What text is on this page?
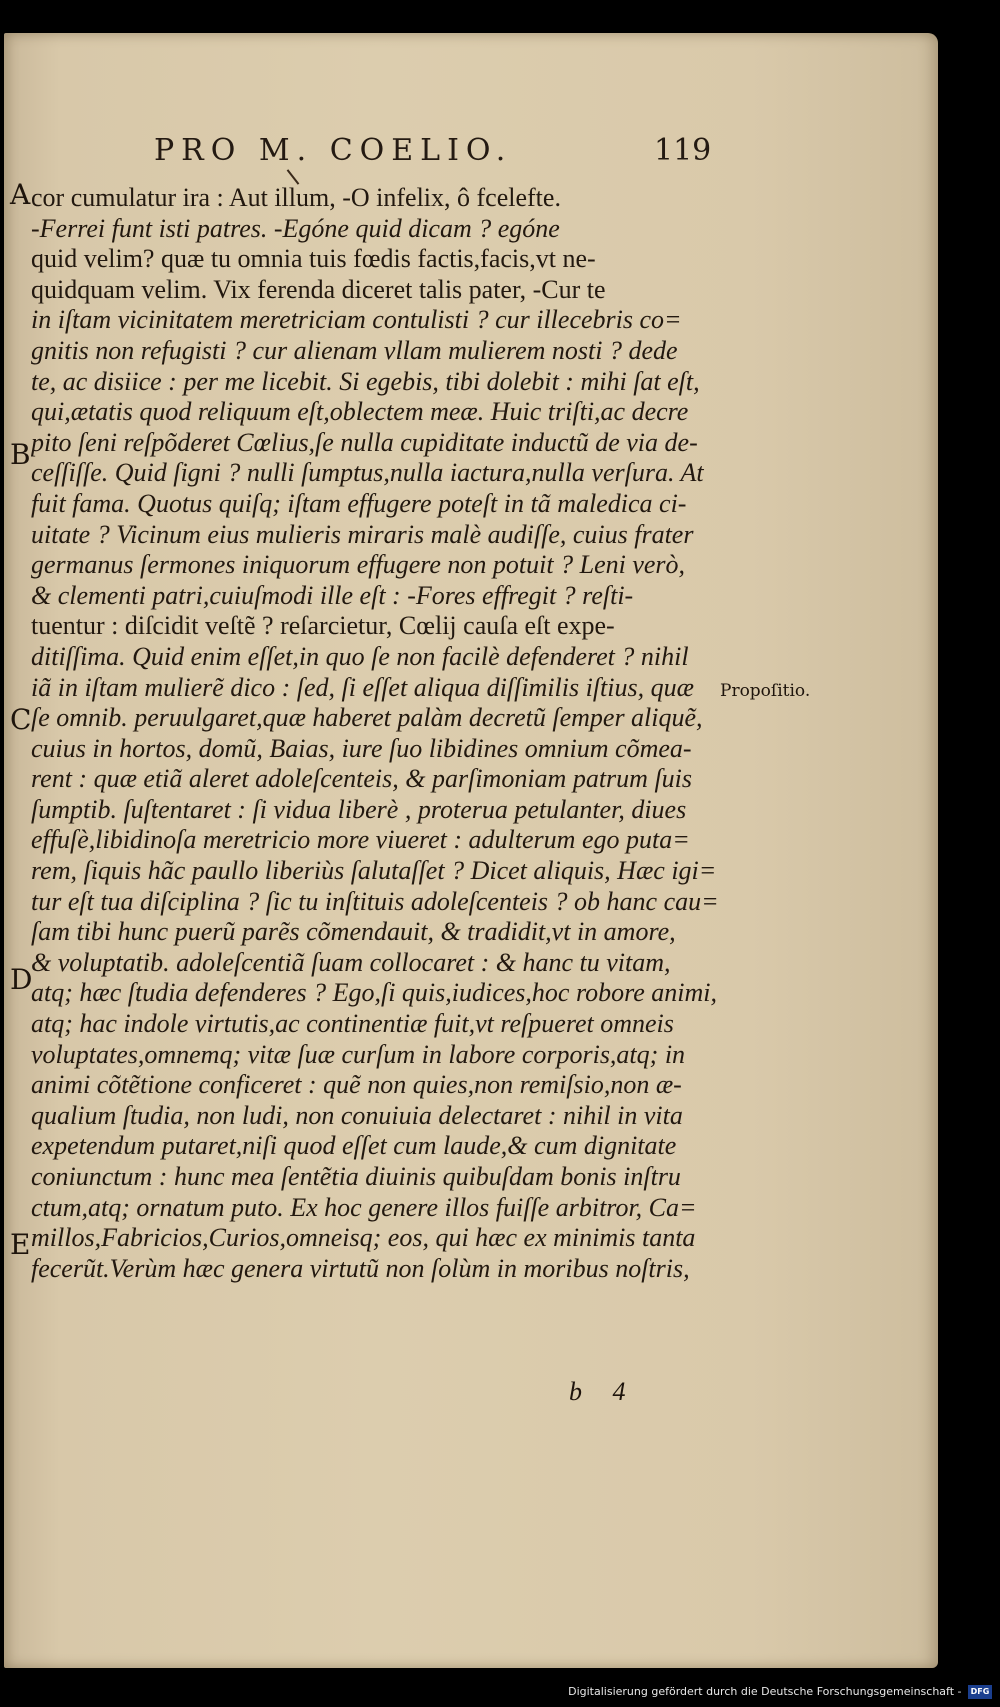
PRO M. COELIO.	119
A
B
C
D
E
cor cumulatur ira : Aut illum, -O infelix, ô fcelefte.
-Ferrei funt isti patres. -Egóne quid dicam ? egóne
quid velim? quæ tu omnia tuis fœdis factis,facis,vt ne-
quidquam velim. Vix ferenda diceret talis pater, -Cur te
in iſtam vicinitatem meretriciam contulisti ? cur illecebris co=
gnitis non refugisti ? cur alienam vllam mulierem nosti ? dede
te, ac disiice : per me licebit. Si egebis, tibi dolebit : mihi ſat eſt,
qui,ætatis quod reliquum eſt,oblectem meæ. Huic triſti,ac decre
pito ſeni reſpõderet Cœlius,ſe nulla cupiditate inductũ de via de-
ceſſiſſe. Quid ſigni ? nulli ſumptus,nulla iactura,nulla verſura. At
fuit fama. Quotus quiſq; iſtam effugere poteſt in tã maledica ci-
uitate ? Vicinum eius mulieris miraris malè audiſſe, cuius frater
germanus ſermones iniquorum effugere non potuit ? Leni verò,
& clementi patri,cuiuſmodi ille eſt : -Fores effregit ? reſti-
tuentur : diſcidit veſtẽ ? reſarcietur, Cœlij cauſa eſt expe-
ditiſſima. Quid enim eſſet,in quo ſe non facilè defenderet ? nihil
iã in iſtam mulierẽ dico : ſed, ſi eſſet aliqua diſſimilis iſtius, quæ
ſe omnib. peruulgaret,quæ haberet palàm decretũ ſemper aliquẽ,
cuius in hortos, domũ, Baias, iure ſuo libidines omnium cõmea-
rent : quæ etiã aleret adoleſcenteis, & parſimoniam patrum ſuis
ſumptib. ſuſtentaret : ſi vidua liberè , proterua petulanter, diues
effuſè,libidinoſa meretricio more viueret : adulterum ego puta=
rem, ſiquis hãc paullo liberiùs ſalutaſſet ? Dicet aliquis, Hæc igi=
tur eſt tua diſciplina ? ſic tu inſtituis adoleſcenteis ? ob hanc cau=
ſam tibi hunc puerũ parẽs cõmendauit, & tradidit,vt in amore,
& voluptatib. adoleſcentiã ſuam collocaret : & hanc tu vitam,
atq; hæc ſtudia defenderes ? Ego,ſi quis,iudices,hoc robore animi,
atq; hac indole virtutis,ac continentiæ fuit,vt reſpueret omneis
voluptates,omnemq; vitæ ſuæ curſum in labore corporis,atq; in
animi cõtẽtione conficeret : quẽ non quies,non remiſsio,non æ-
qualium ſtudia, non ludi, non conuiuia delectaret : nihil in vita
expetendum putaret,niſi quod eſſet cum laude,& cum dignitate
coniunctum : hunc mea ſentẽtia diuinis quibuſdam bonis inſtru
ctum,atq; ornatum puto. Ex hoc genere illos fuiſſe arbitror, Ca=
millos,Fabricios,Curios,omneisq; eos, qui hæc ex minimis tanta
fecerũt.Verùm hæc genera virtutũ non ſolùm in moribus noſtris,
Propoſitio.
b 4
Digitalisierung gefördert durch die Deutsche Forschungsgemeinschaft - DFG
